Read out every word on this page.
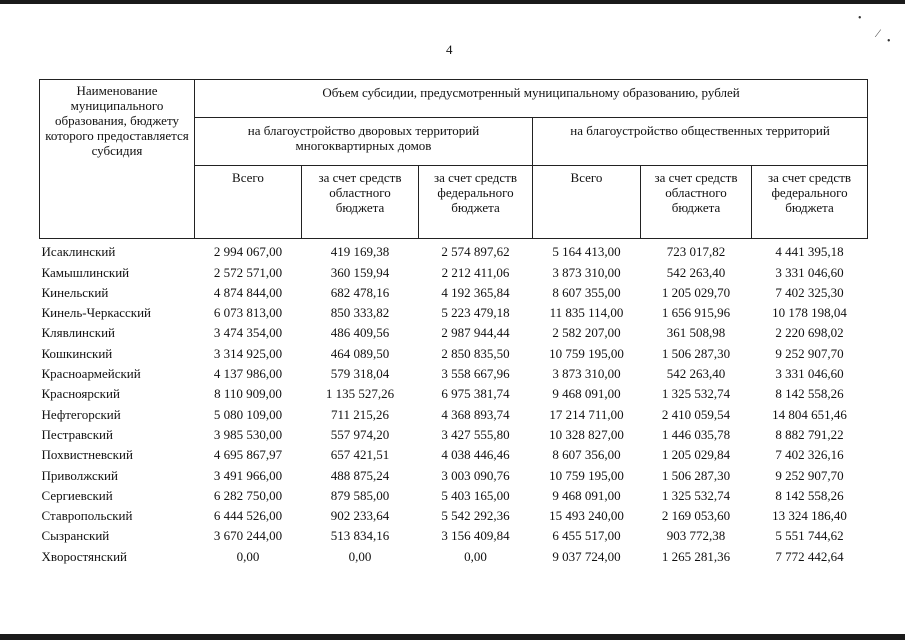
•
⁄
•
4
Наименование муниципального образования, бюджету которого предоставляется субсидия	Объем субсидии, предусмотренный муниципальному образованию, рублей					
	на благоустройство дворовых территорий многоквартирных домов			на благоустройство общественных территорий		
	Всего	за счет средств областного бюджета	за счет средств федерального бюджета	Всего	за счет средств областного бюджета	за счет средств федерального бюджета
Исаклинский	2 994 067,00	419 169,38	2 574 897,62	5 164 413,00	723 017,82	4 441 395,18
Камышлинский	2 572 571,00	360 159,94	2 212 411,06	3 873 310,00	542 263,40	3 331 046,60
Кинельский	4 874 844,00	682 478,16	4 192 365,84	8 607 355,00	1 205 029,70	7 402 325,30
Кинель-Черкасский	6 073 813,00	850 333,82	5 223 479,18	11 835 114,00	1 656 915,96	10 178 198,04
Клявлинский	3 474 354,00	486 409,56	2 987 944,44	2 582 207,00	361 508,98	2 220 698,02
Кошкинский	3 314 925,00	464 089,50	2 850 835,50	10 759 195,00	1 506 287,30	9 252 907,70
Красноармейский	4 137 986,00	579 318,04	3 558 667,96	3 873 310,00	542 263,40	3 331 046,60
Красноярский	8 110 909,00	1 135 527,26	6 975 381,74	9 468 091,00	1 325 532,74	8 142 558,26
Нефтегорский	5 080 109,00	711 215,26	4 368 893,74	17 214 711,00	2 410 059,54	14 804 651,46
Пестравский	3 985 530,00	557 974,20	3 427 555,80	10 328 827,00	1 446 035,78	8 882 791,22
Похвистневский	4 695 867,97	657 421,51	4 038 446,46	8 607 356,00	1 205 029,84	7 402 326,16
Приволжский	3 491 966,00	488 875,24	3 003 090,76	10 759 195,00	1 506 287,30	9 252 907,70
Сергиевский	6 282 750,00	879 585,00	5 403 165,00	9 468 091,00	1 325 532,74	8 142 558,26
Ставропольский	6 444 526,00	902 233,64	5 542 292,36	15 493 240,00	2 169 053,60	13 324 186,40
Сызранский	3 670 244,00	513 834,16	3 156 409,84	6 455 517,00	903 772,38	5 551 744,62
Хворостянский	0,00	0,00	0,00	9 037 724,00	1 265 281,36	7 772 442,64
